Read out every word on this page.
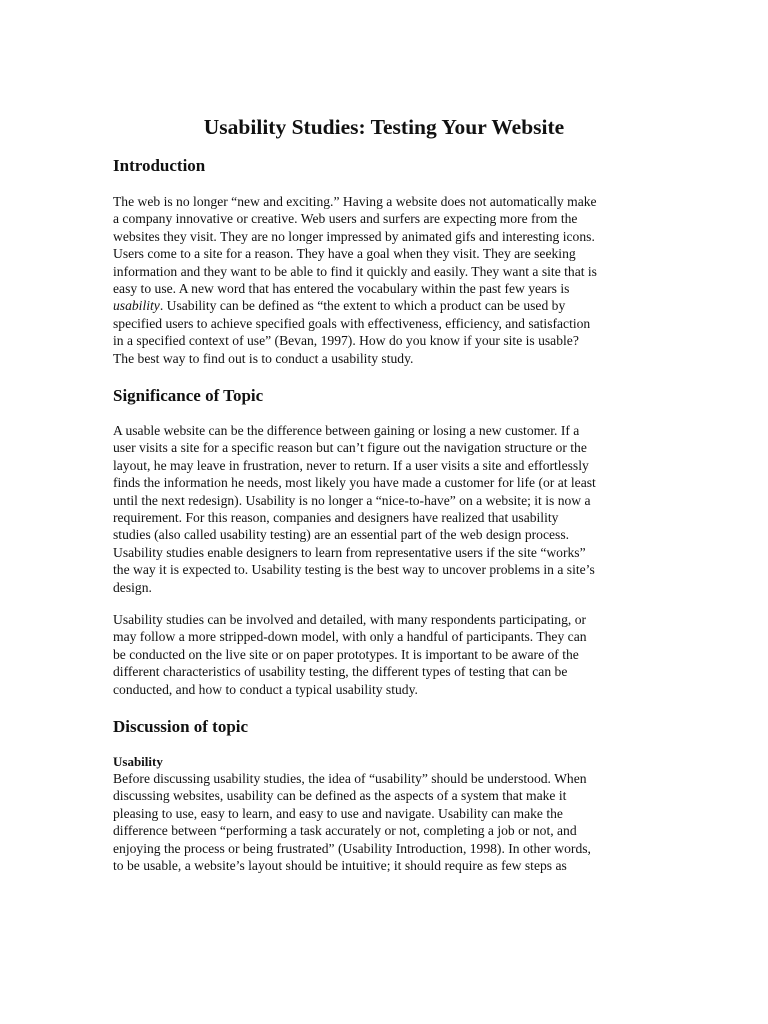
Usability Studies: Testing Your Website
Introduction
The web is no longer “new and exciting.” Having a website does not automatically make
a company innovative or creative. Web users and surfers are expecting more from the
websites they visit. They are no longer impressed by animated gifs and interesting icons.
Users come to a site for a reason. They have a goal when they visit. They are seeking
information and they want to be able to find it quickly and easily. They want a site that is
easy to use. A new word that has entered the vocabulary within the past few years is
usability. Usability can be defined as “the extent to which a product can be used by
specified users to achieve specified goals with effectiveness, efficiency, and satisfaction
in a specified context of use” (Bevan, 1997). How do you know if your site is usable?
The best way to find out is to conduct a usability study.
Significance of Topic
A usable website can be the difference between gaining or losing a new customer. If a
user visits a site for a specific reason but can’t figure out the navigation structure or the
layout, he may leave in frustration, never to return. If a user visits a site and effortlessly
finds the information he needs, most likely you have made a customer for life (or at least
until the next redesign). Usability is no longer a “nice-to-have” on a website; it is now a
requirement. For this reason, companies and designers have realized that usability
studies (also called usability testing) are an essential part of the web design process.
Usability studies enable designers to learn from representative users if the site “works”
the way it is expected to. Usability testing is the best way to uncover problems in a site’s
design.
Usability studies can be involved and detailed, with many respondents participating, or
may follow a more stripped-down model, with only a handful of participants. They can
be conducted on the live site or on paper prototypes. It is important to be aware of the
different characteristics of usability testing, the different types of testing that can be
conducted, and how to conduct a typical usability study.
Discussion of topic
Usability
Before discussing usability studies, the idea of “usability” should be understood. When
discussing websites, usability can be defined as the aspects of a system that make it
pleasing to use, easy to learn, and easy to use and navigate. Usability can make the
difference between “performing a task accurately or not, completing a job or not, and
enjoying the process or being frustrated” (Usability Introduction, 1998). In other words,
to be usable, a website’s layout should be intuitive; it should require as few steps as
